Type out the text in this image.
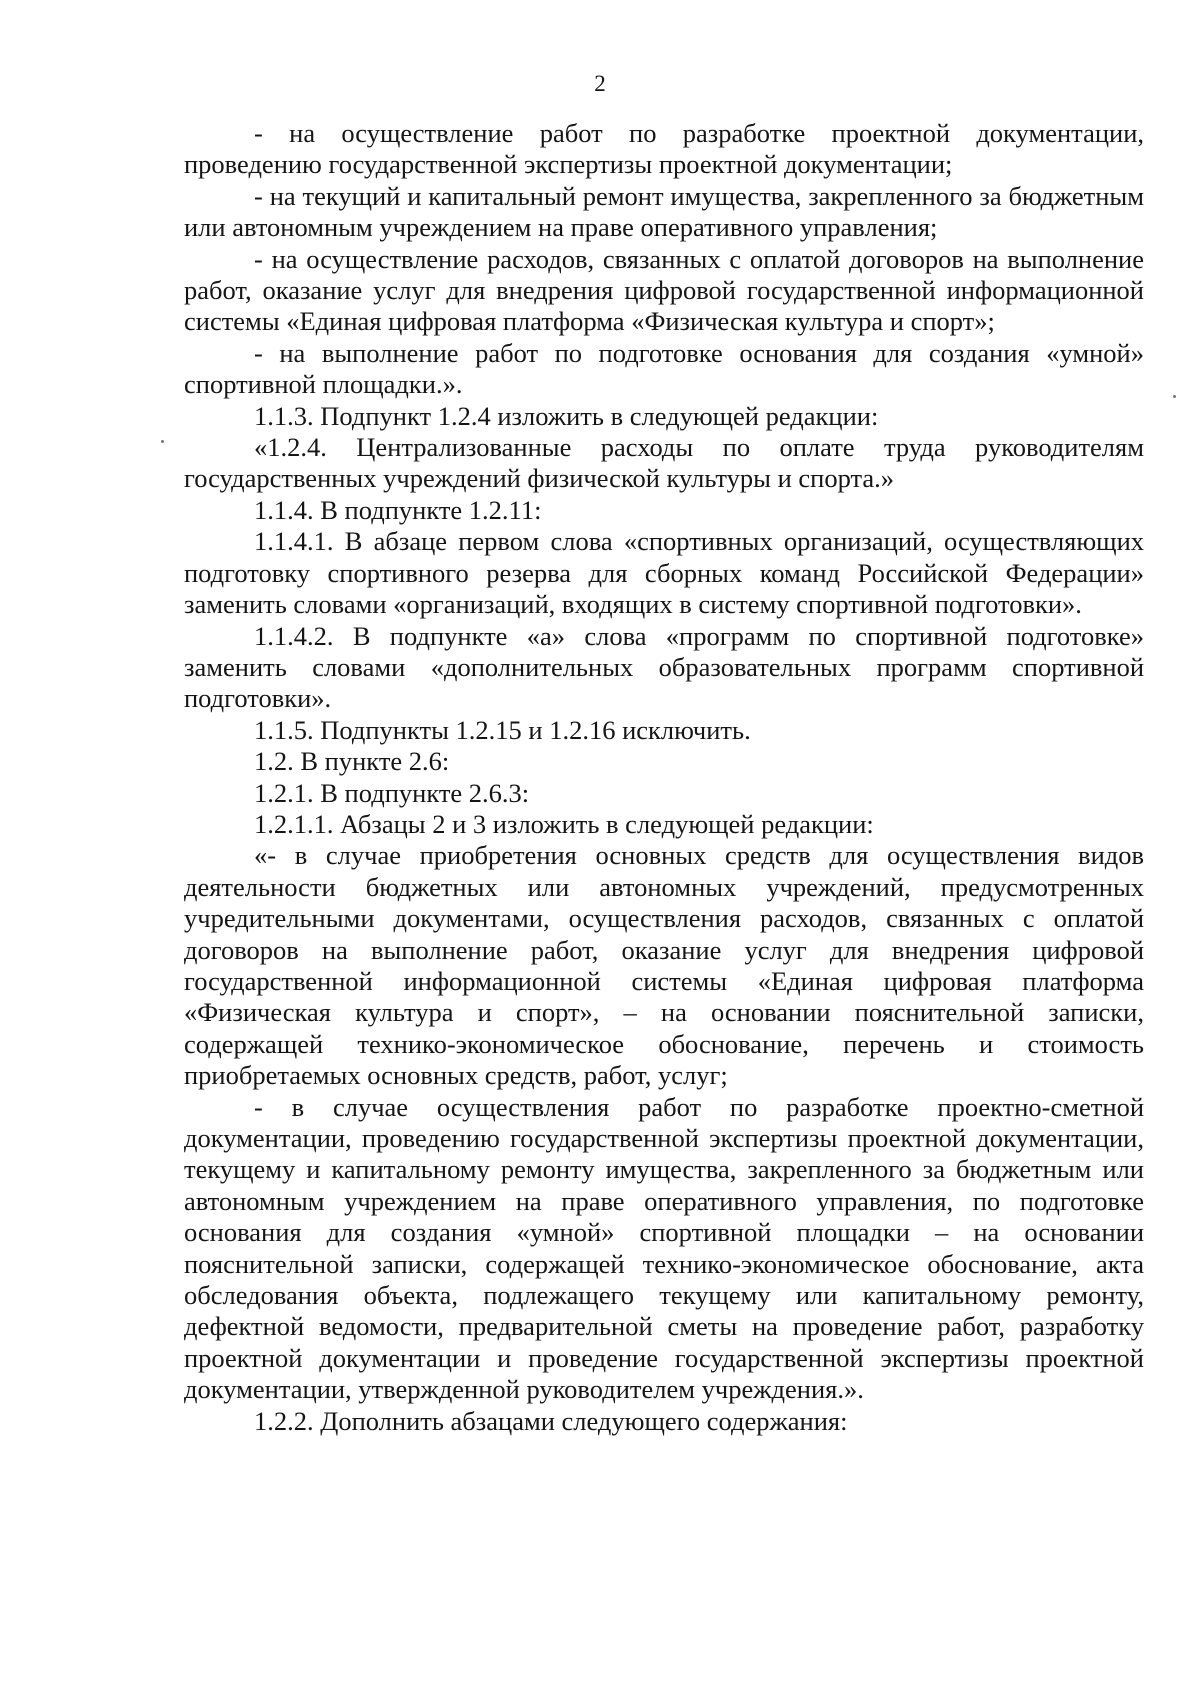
2

- на осуществление работ по разработке проектной документации, проведению государственной экспертизы проектной документации;

- на текущий и капитальный ремонт имущества, закрепленного за бюджетным или автономным учреждением на праве оперативного управления;

- на осуществление расходов, связанных с оплатой договоров на выполнение работ, оказание услуг для внедрения цифровой государственной информационной системы «Единая цифровая платформа «Физическая культура и спорт»;

- на выполнение работ по подготовке основания для создания «умной» спортивной площадки.».

1.1.3. Подпункт 1.2.4 изложить в следующей редакции:

«1.2.4. Централизованные расходы по оплате труда руководителям государственных учреждений физической культуры и спорта.»

1.1.4. В подпункте 1.2.11:

1.1.4.1. В абзаце первом слова «спортивных организаций, осуществляющих подготовку спортивного резерва для сборных команд Российской Федерации» заменить словами «организаций, входящих в систему спортивной подготовки».

1.1.4.2. В подпункте «а» слова «программ по спортивной подготовке» заменить словами «дополнительных образовательных программ спортивной подготовки».

1.1.5. Подпункты 1.2.15 и 1.2.16 исключить.

1.2. В пункте 2.6:

1.2.1. В подпункте 2.6.3:

1.2.1.1. Абзацы 2 и 3 изложить в следующей редакции:

«- в случае приобретения основных средств для осуществления видов деятельности бюджетных или автономных учреждений, предусмотренных учредительными документами, осуществления расходов, связанных с оплатой договоров на выполнение работ, оказание услуг для внедрения цифровой государственной информационной системы «Единая цифровая платформа «Физическая культура и спорт», – на основании пояснительной записки, содержащей технико-экономическое обоснование, перечень и стоимость приобретаемых основных средств, работ, услуг;

- в случае осуществления работ по разработке проектно-сметной документации, проведению государственной экспертизы проектной документации, текущему и капитальному ремонту имущества, закрепленного за бюджетным или автономным учреждением на праве оперативного управления, по подготовке основания для создания «умной» спортивной площадки – на основании пояснительной записки, содержащей технико-экономическое обоснование, акта обследования объекта, подлежащего текущему или капитальному ремонту, дефектной ведомости, предварительной сметы на проведение работ, разработку проектной документации и проведение государственной экспертизы проектной документации, утвержденной руководителем учреждения.».

1.2.2. Дополнить абзацами следующего содержания:
